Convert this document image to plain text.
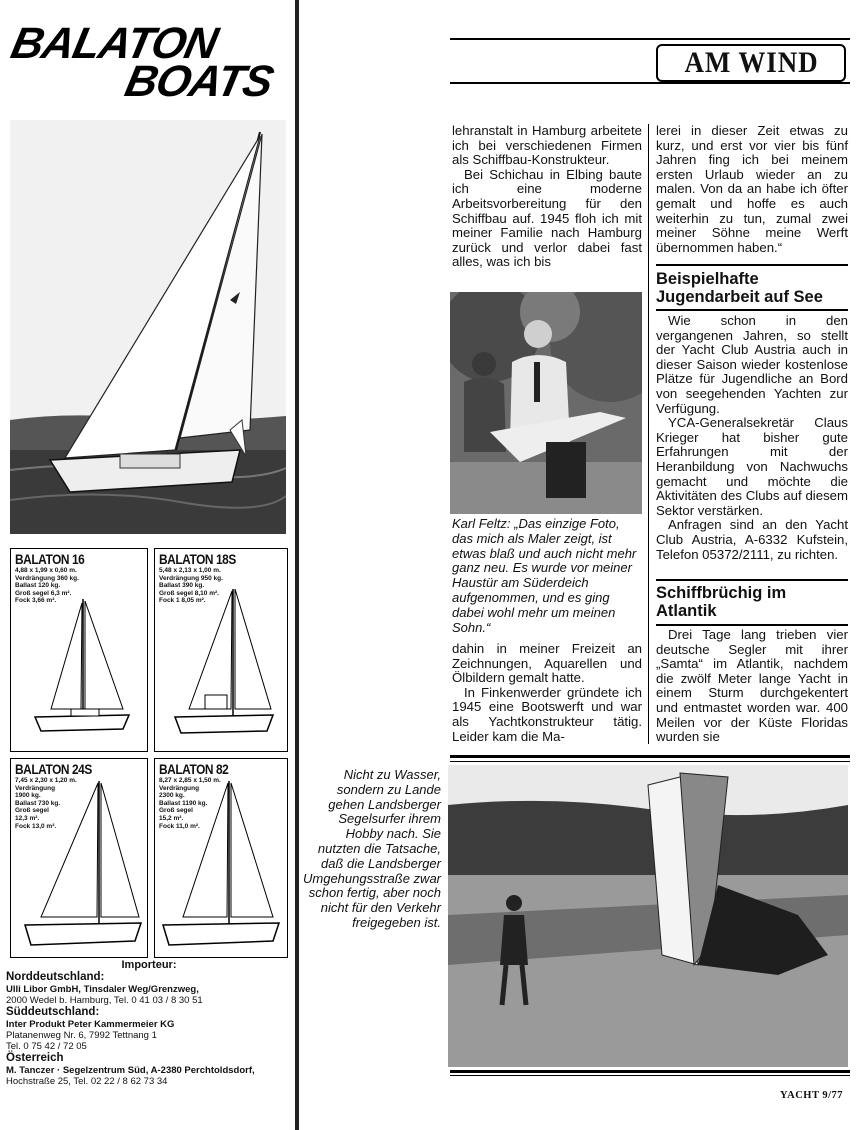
BALATON
BOATS
BALATON 16
4,88 x 1,99 x 0,60 m.
Verdrängung 360 kg.
Ballast 120 kg.
Groß segel 6,3 m².
Fock 3,66 m².
BALATON 18S
5,48 x 2,13 x 1,00 m.
Verdrängung 950 kg.
Ballast 390 kg.
Groß segel 8,10 m².
Fock 1 8,05 m².
BALATON 24S
7,45 x 2,30 x 1,20 m.
Verdrängung
1900 kg.
Ballast 730 kg.
Groß segel
12,3 m².
Fock 13,0 m².
BALATON 82
8,27 x 2,85 x 1,50 m.
Verdrängung
2300 kg.
Ballast 1190 kg.
Groß segel
15,2 m².
Fock 11,0 m².
Importeur:
Norddeutschland:
Ulli Libor GmbH, Tinsdaler Weg/Grenzweg,
2000 Wedel b. Hamburg, Tel. 0 41 03 / 8 30 51
Süddeutschland:
Inter Produkt Peter Kammermeier KG
Platanenweg Nr. 6, 7992 Tettnang 1
Tel. 0 75 42 / 72 05
Österreich
M. Tanczer · Segelzentrum Süd, A-2380 Perchtoldsdorf,
Hochstraße 25, Tel. 02 22 / 8 62 73 34
AM WIND

lehranstalt in Hamburg arbeitete ich bei verschiedenen Firmen als Schiffbau-Konstrukteur.

Bei Schichau in Elbing baute ich eine moderne Arbeitsvorbereitung für den Schiffbau auf. 1945 floh ich mit meiner Familie nach Hamburg zurück und verlor dabei fast alles, was ich bis

Karl Feltz: „Das einzige Foto, das mich als Maler zeigt, ist etwas blaß und auch nicht mehr ganz neu. Es wurde vor meiner Haustür am Süderdeich aufgenommen, und es ging dabei wohl mehr um meinen Sohn.“

dahin in meiner Freizeit an Zeichnungen, Aquarellen und Ölbildern gemalt hatte.

In Finkenwerder gründete ich 1945 eine Bootswerft und war als Yachtkonstrukteur tätig. Leider kam die Ma-

lerei in dieser Zeit etwas zu kurz, und erst vor vier bis fünf Jahren fing ich bei meinem ersten Urlaub wieder an zu malen. Von da an habe ich öfter gemalt und hoffe es auch weiterhin zu tun, zumal zwei meiner Söhne meine Werft übernommen haben.“

Beispielhafte Jugendarbeit auf See

Wie schon in den vergangenen Jahren, so stellt der Yacht Club Austria auch in dieser Saison wieder kostenlose Plätze für Jugendliche an Bord von seegehenden Yachten zur Verfügung.

YCA-Generalsekretär Claus Krieger hat bisher gute Erfahrungen mit der Heranbildung von Nachwuchs gemacht und möchte die Aktivitäten des Clubs auf diesem Sektor verstärken.

Anfragen sind an den Yacht Club Austria, A-6332 Kufstein, Telefon 05372/2111, zu richten.

Schiffbrüchig im Atlantik

Drei Tage lang trieben vier deutsche Segler mit ihrer „Samta“ im Atlantik, nachdem die zwölf Meter lange Yacht in einem Sturm durchgekentert und entmastet worden war. 400 Meilen vor der Küste Floridas wurden sie

Nicht zu Wasser, sondern zu Lande gehen Landsberger Segelsurfer ihrem Hobby nach. Sie nutzten die Tatsache, daß die Landsberger Umgehungsstraße zwar schon fertig, aber noch nicht für den Verkehr freigegeben ist.
YACHT 9/77
